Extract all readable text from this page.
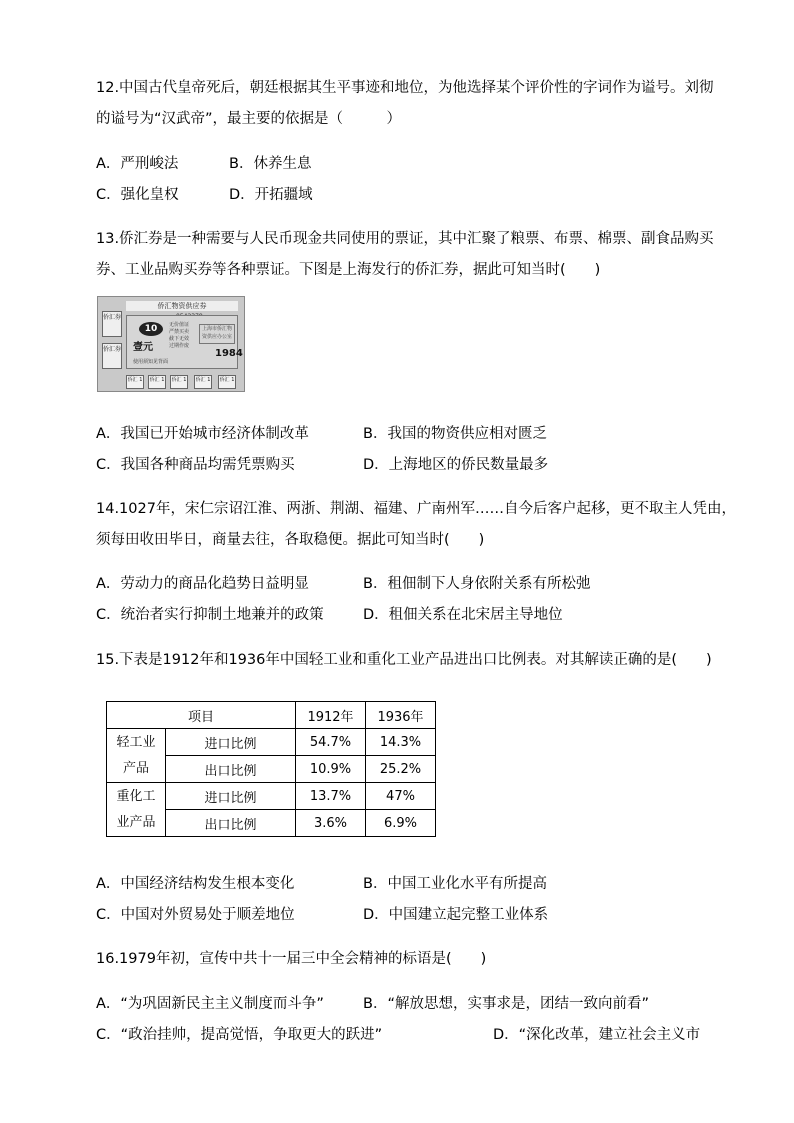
12.中国古代皇帝死后，朝廷根据其生平事迹和地位，为他选择某个评价性的字词作为谥号。刘彻
的谥号为“汉武帝”，最主要的依据是（　　　）
A．严刑峻法	B．休养生息
C．强化皇权	D．开拓疆域
13.侨汇券是一种需要与人民币现金共同使用的票证，其中汇聚了粮票、布票、棉票、副食品购买
券、工业品购买券等各种票证。下图是上海发行的侨汇券，据此可知当时(　　)
侨汇物资供应券
侨汇券
侨汇券
10
壹元
无价值证 严禁买卖 截下无效 过期作废
上海市侨汇物资供应办公室
1984
使用须知见背面
侨汇 1	侨汇 1	侨汇 1	侨汇 1	侨汇 1
A．我国已开始城市经济体制改革	B．我国的物资供应相对匮乏
C．我国各种商品均需凭票购买	D．上海地区的侨民数量最多
14.1027年，宋仁宗诏江淮、两浙、荆湖、福建、广南州军……自今后客户起移，更不取主人凭由，
须每田收田毕日，商量去往，各取稳便。据此可知当时(　　)
A．劳动力的商品化趋势日益明显	B．租佃制下人身依附关系有所松弛
C．统治者实行抑制土地兼并的政策	D．租佃关系在北宋居主导地位
15.下表是1912年和1936年中国轻工业和重化工业产品进出口比例表。对其解读正确的是(　　)
项目		1912年	1936年

轻工业
产品	进口比例	54.7%	14.3%
	出口比例	10.9%	25.2%

重化工
业产品	进口比例	13.7%	47%
	出口比例	3.6%	6.9%
A．中国经济结构发生根本变化	B．中国工业化水平有所提高
C．中国对外贸易处于顺差地位	D．中国建立起完整工业体系
16.1979年初，宣传中共十一届三中全会精神的标语是(　　)
A．“为巩固新民主主义制度而斗争”	B．“解放思想，实事求是，团结一致向前看”
C．“政治挂帅，提高觉悟，争取更大的跃进”	D．“深化改革，建立社会主义市
